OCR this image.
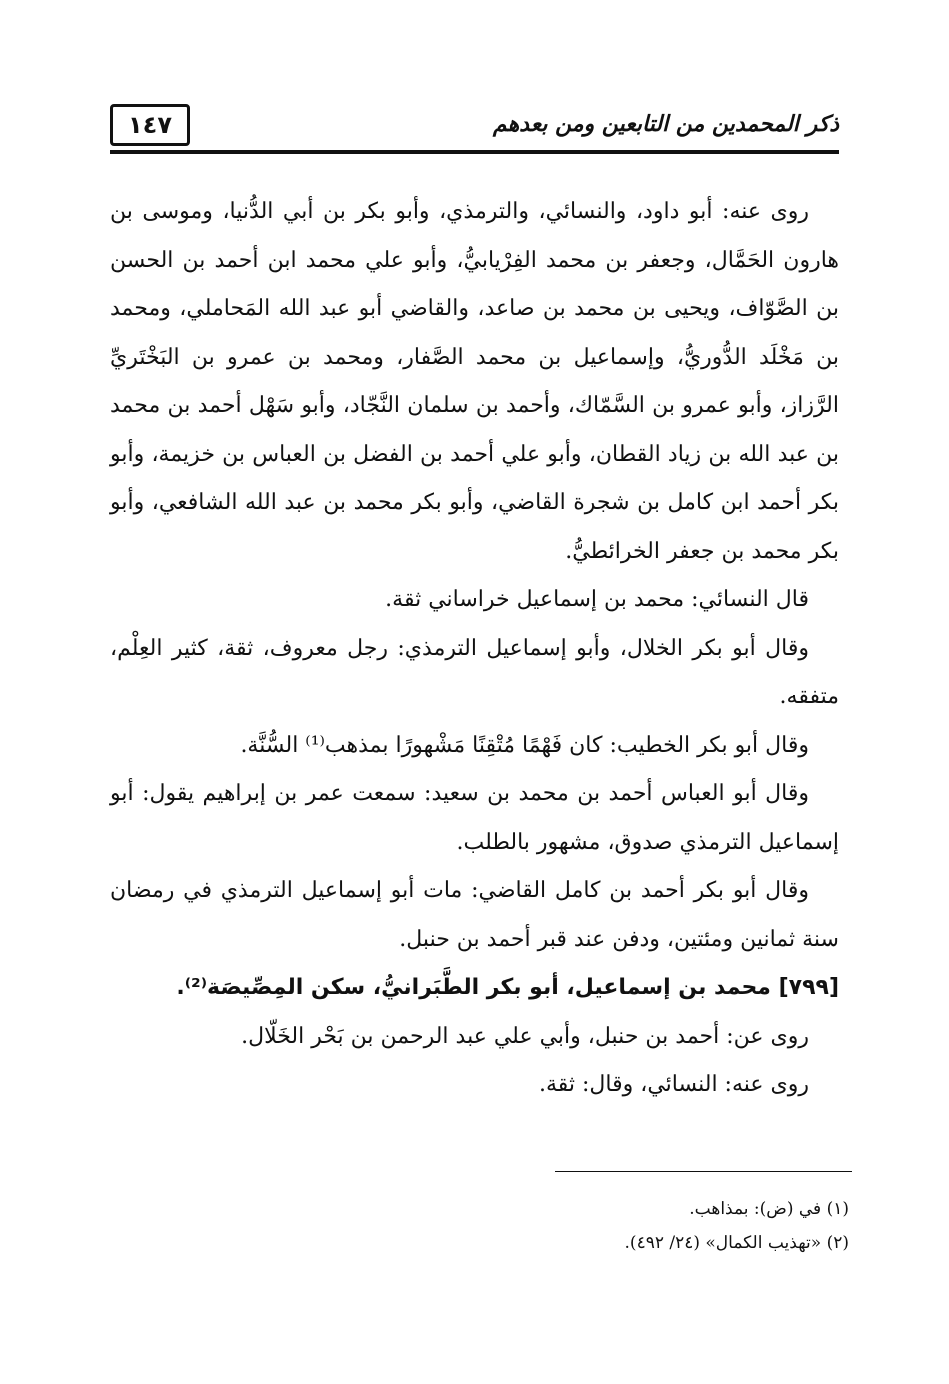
١٤٧	ذكر المحمدين من التابعين ومن بعدهم

روى عنه: أبو داود، والنسائي، والترمذي، وأبو بكر بن أبي الدُّنيا، وموسى بن هارون الحَمَّال، وجعفر بن محمد الفِرْيابيُّ، وأبو علي محمد ابن أحمد بن الحسن بن الصَّوّاف، ويحيى بن محمد بن صاعد، والقاضي أبو عبد الله المَحاملي، ومحمد بن مَخْلَد الدُّوريُّ، وإسماعيل بن محمد الصَّفار، ومحمد بن عمرو بن البَخْتَريِّ الرَّزاز، وأبو عمرو بن السَّمّاك، وأحمد بن سلمان النَّجّاد، وأبو سَهْل أحمد بن محمد بن عبد الله بن زياد القطان، وأبو علي أحمد بن الفضل بن العباس بن خزيمة، وأبو بكر أحمد ابن كامل بن شجرة القاضي، وأبو بكر محمد بن عبد الله الشافعي، وأبو بكر محمد بن جعفر الخرائطيُّ.

قال النسائي: محمد بن إسماعيل خراساني ثقة.

وقال أبو بكر الخلال، وأبو إسماعيل الترمذي: رجل معروف، ثقة، كثير العِلْم، متفقه.

وقال أبو بكر الخطيب: كان فَهْمًا مُتْقِنًا مَشْهورًا بمذهب⁽¹⁾ السُّنَّة.

وقال أبو العباس أحمد بن محمد بن سعيد: سمعت عمر بن إبراهيم يقول: أبو إسماعيل الترمذي صدوق، مشهور بالطلب.

وقال أبو بكر أحمد بن كامل القاضي: مات أبو إسماعيل الترمذي في رمضان سنة ثمانين ومئتين، ودفن عند قبر أحمد بن حنبل.

[٧٩٩] محمد بن إسماعيل، أبو بكر الطَّبَرانيُّ، سكن المِصِّيصَة⁽²⁾.

روى عن: أحمد بن حنبل، وأبي علي عبد الرحمن بن بَحْر الخَلّال.

روى عنه: النسائي، وقال: ثقة.

(١) في (ض): بمذاهب.

(٢) «تهذيب الكمال» (٢٤/ ٤٩٢).
